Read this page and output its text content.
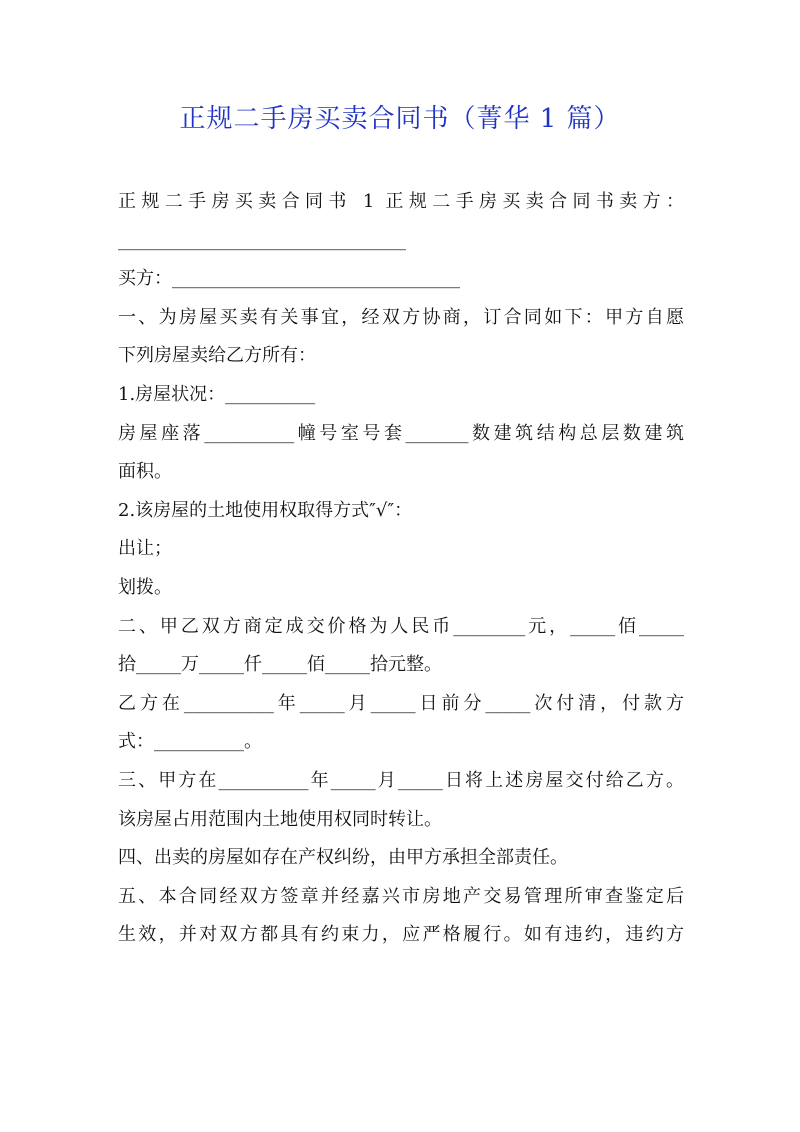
正规二手房买卖合同书（菁华 1 篇）
正规二手房买卖合同书 1 正规二手房买卖合同书卖方：
________________________________
买方：________________________________
一、为房屋买卖有关事宜，经双方协商，订合同如下：甲方自愿
下列房屋卖给乙方所有：
1.房屋状况：__________
房屋座落__________幢号室号套_______数建筑结构总层数建筑
面积。
2.该房屋的土地使用权取得方式″√″：
出让；
划拨。
二、甲乙双方商定成交价格为人民币________元，_____佰_____
拾_____万_____仟_____佰_____拾元整。
乙方在__________年_____月_____日前分_____次付清，付款方
式：__________。
三、甲方在__________年_____月_____日将上述房屋交付给乙方。
该房屋占用范围内土地使用权同时转让。
四、出卖的房屋如存在产权纠纷，由甲方承担全部责任。
五、本合同经双方签章并经嘉兴市房地产交易管理所审查鉴定后
生效，并对双方都具有约束力，应严格履行。如有违约，违约方
